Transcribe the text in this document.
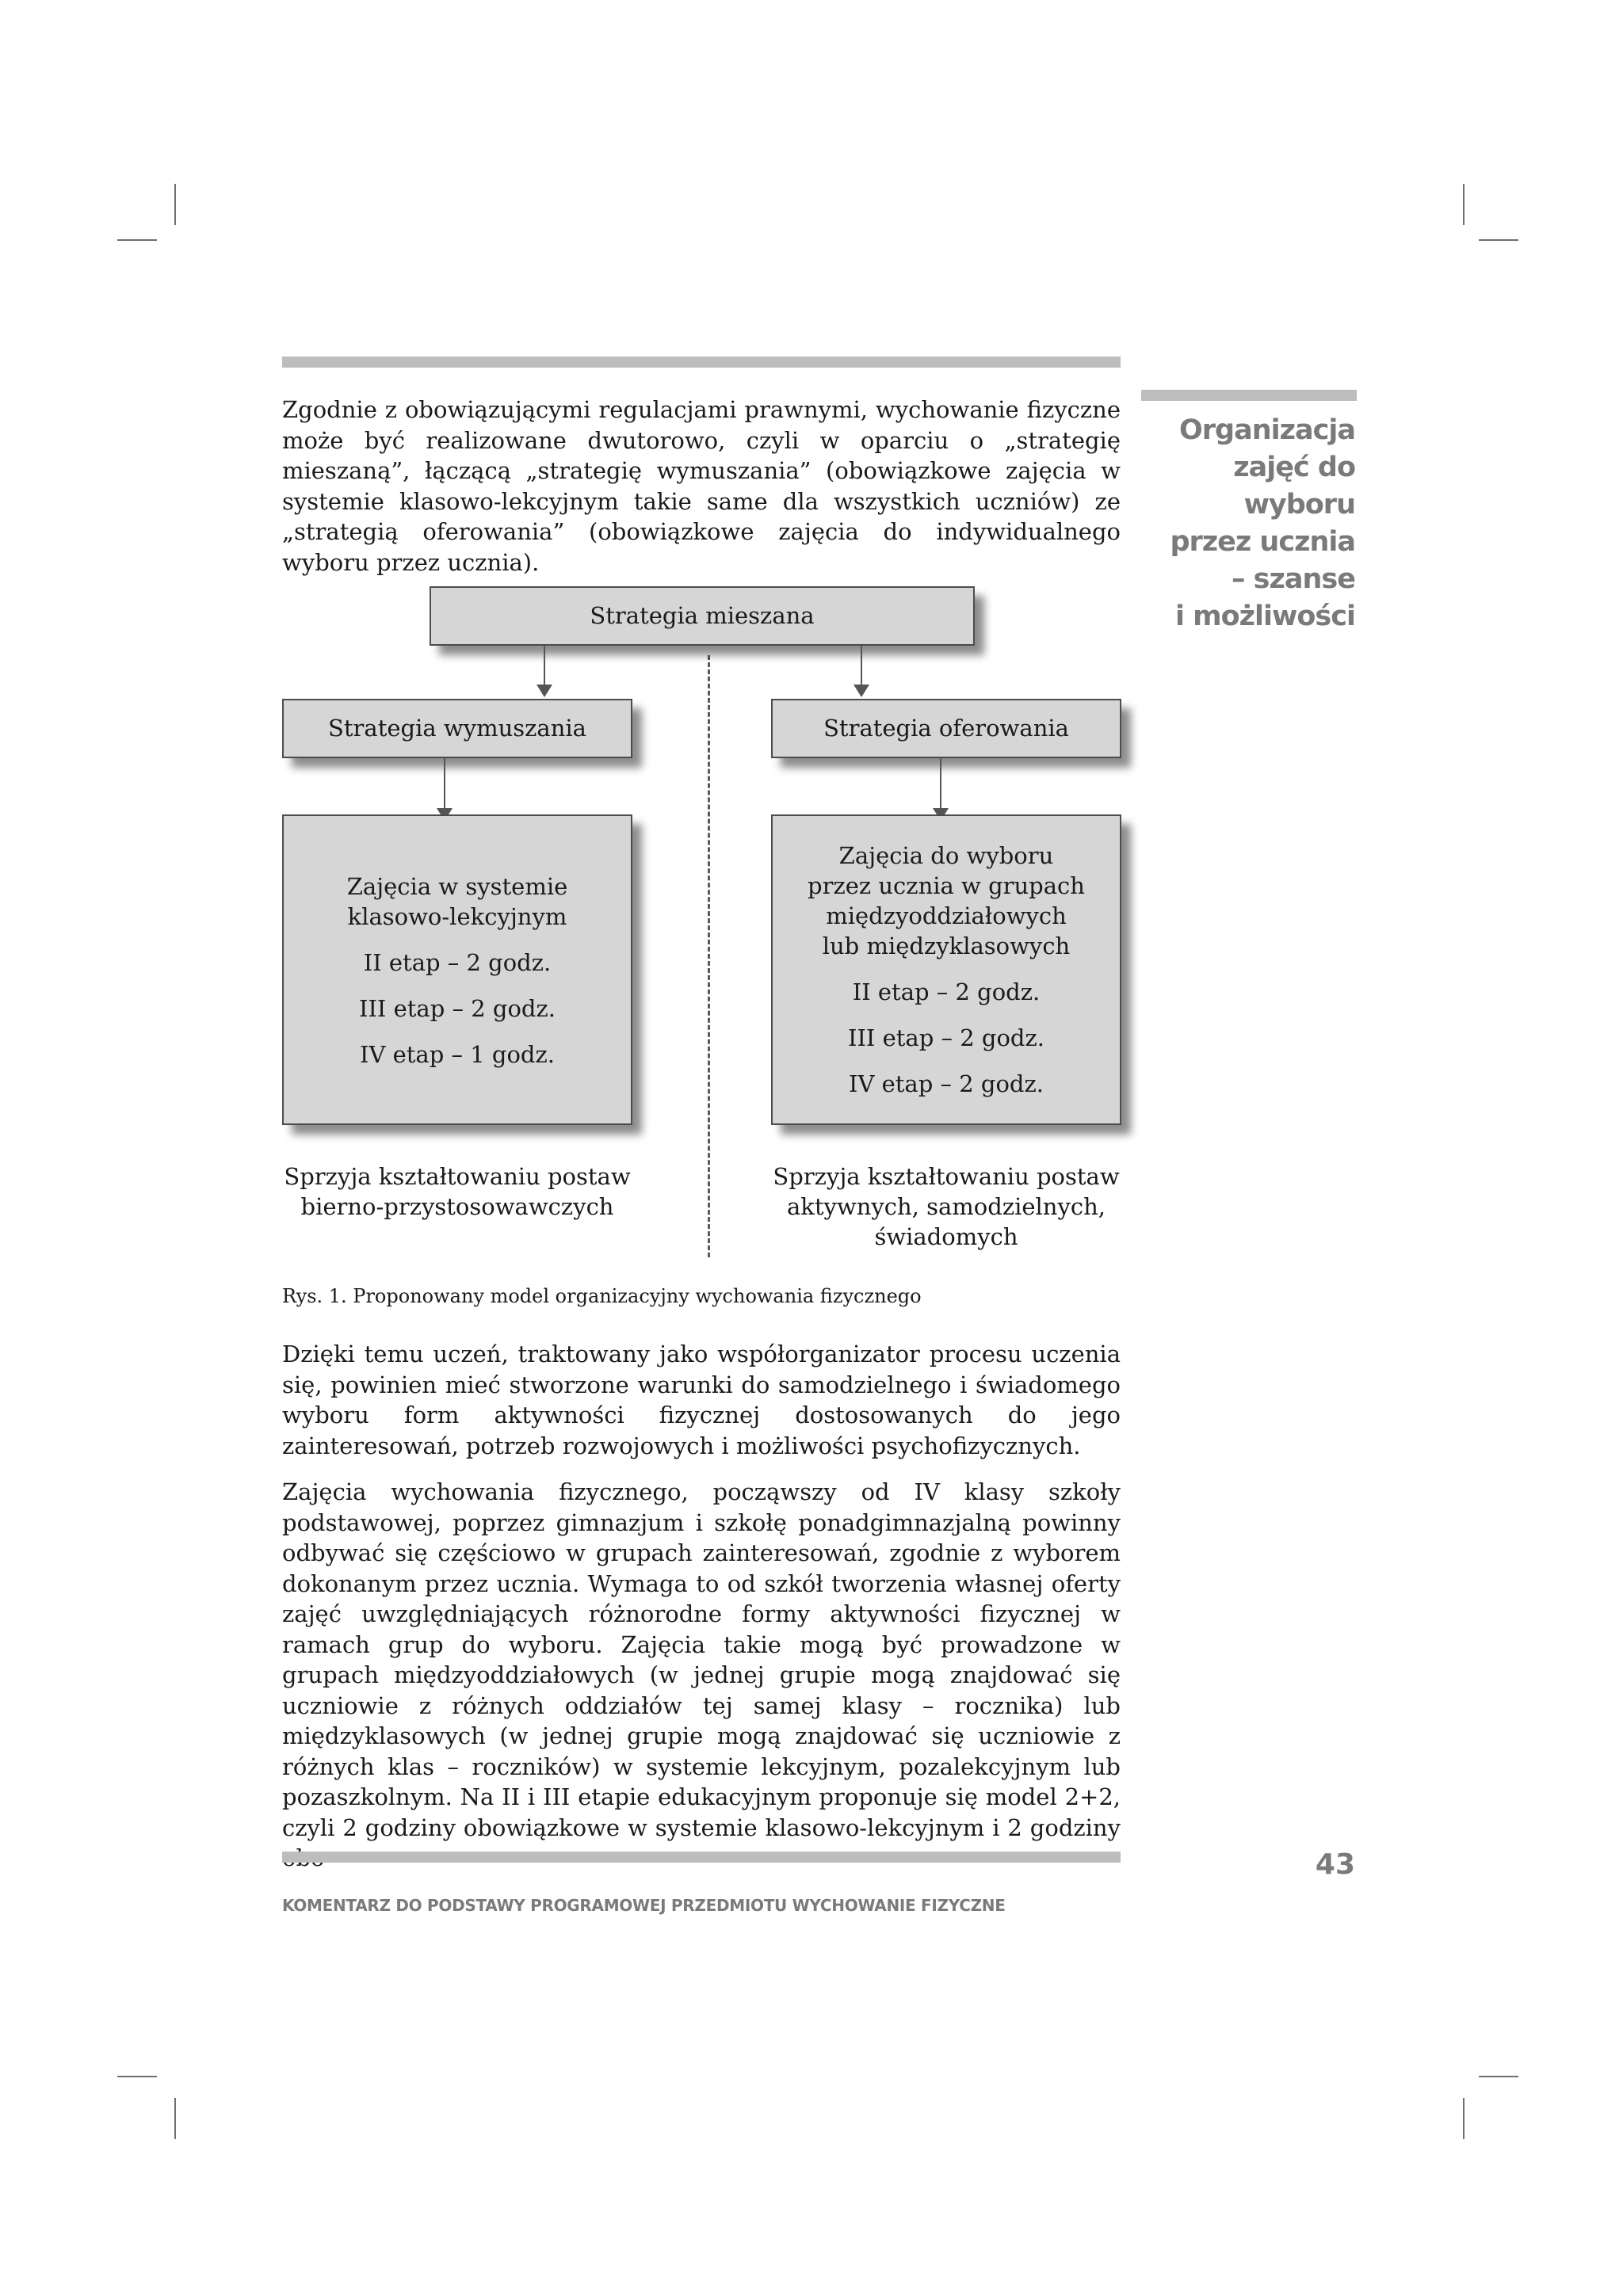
Organizacja
zajęć do wyboru
przez ucznia
– szanse
i możliwości

Zgodnie z obowiązującymi regulacjami prawnymi, wychowanie fizyczne może być realizowane dwutorowo, czyli w oparciu o „strategię mieszaną”, łączącą „strategię wymuszania” (obowiązkowe zajęcia w systemie klasowo-lekcyjnym takie same dla wszystkich uczniów) ze „strategią oferowania” (obowiązkowe zajęcia do indywidualnego wyboru przez ucznia).

Strategia mieszana
Strategia wymuszania	Strategia oferowania
Zajęcia w systemie
klasowo-lekcyjnym
II etap – 2 godz.
III etap – 2 godz.
IV etap – 1 godz.
Zajęcia do wyboru
przez ucznia w grupach
międzyoddziałowych
lub międzyklasowych
II etap – 2 godz.
III etap – 2 godz.
IV etap – 2 godz.
Sprzyja kształtowaniu postaw
bierno-przystosowawczych
Sprzyja kształtowaniu postaw
aktywnych, samodzielnych,
świadomych
Rys. 1. Proponowany model organizacyjny wychowania fizycznego

Dzięki temu uczeń, traktowany jako współorganizator procesu uczenia się, powinien mieć stworzone warunki do samodzielnego i świadomego wyboru form aktywności fizycznej dostosowanych do jego zainteresowań, potrzeb rozwojowych i możliwości psychofizycznych.

Zajęcia wychowania fizycznego, począwszy od IV klasy szkoły podstawowej, poprzez gimnazjum i szkołę ponadgimnazjalną powinny odbywać się częściowo w grupach zainteresowań, zgodnie z wyborem dokonanym przez ucznia. Wymaga to od szkół tworzenia własnej oferty zajęć uwzględniających różnorodne formy aktywności fizycznej w ramach grup do wyboru. Zajęcia takie mogą być prowadzone w grupach międzyoddziałowych (w jednej grupie mogą znajdować się uczniowie z różnych oddziałów tej samej klasy – rocznika) lub międzyklasowych (w jednej grupie mogą znajdować się uczniowie z różnych klas – roczników) w systemie lekcyjnym, pozalekcyjnym lub pozaszkolnym. Na II i III etapie edukacyjnym proponuje się model 2+2, czyli 2 godziny obowiązkowe w systemie klasowo-lekcyjnym i 2 godziny

43
KOMENTARZ DO PODSTAWY PROGRAMOWEJ PRZEDMIOTU WYCHOWANIE FIZYCZNE
